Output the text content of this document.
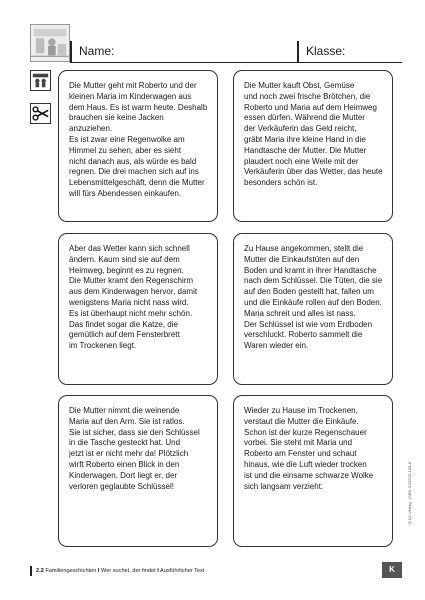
Name:	Klasse:
Die Mutter geht mit Roberto und der
kleinen Maria im Kinderwagen aus
dem Haus. Es ist warm heute. Deshalb
brauchen sie keine Jacken anzuziehen.
Es ist zwar eine Regenwolke am
Himmel zu sehen, aber es sieht
nicht danach aus, als würde es bald
regnen. Die drei machen sich auf ins
Lebensmittelgeschäft, denn die Mutter
will fürs Abendessen einkaufen.
Die Mutter kauft Obst, Gemüse
und noch zwei frische Brötchen, die
Roberto und Maria auf dem Heimweg
essen dürfen. Während die Mutter
der Verkäuferin das Geld reicht,
gräbt Maria ihre kleine Hand in die
Handtasche der Mutter. Die Mutter
plaudert noch eine Weile mit der
Verkäuferin über das Wetter, das heute
besonders schön ist.
Aber das Wetter kann sich schnell
ändern. Kaum sind sie auf dem
Heimweg, beginnt es zu regnen.
Die Mutter kramt den Regenschirm
aus dem Kinderwagen hervor, damit
wenigstens Maria nicht nass wird.
Es ist überhaupt nicht mehr schön.
Das findet sogar die Katze, die
gemütlich auf dem Fensterbrett
im Trockenen liegt.
Zu Hause angekommen, stellt die
Mutter die Einkaufstüten auf den
Boden und kramt in ihrer Handtasche
nach dem Schlüssel. Die Tüten, die sie
auf den Boden gestellt hat, fallen um
und die Einkäufe rollen auf den Boden.
Maria schreit und alles ist nass.
Der Schlüssel ist wie vom Erdboden
verschluckt. Roberto sammelt die
Waren wieder ein.
Die Mutter nimmt die weinende
Maria auf den Arm. Sie ist ratlos.
Sie ist sicher, dass sie den Schlüssel
in die Tasche gesteckt hat. Und
jetzt ist er nicht mehr da! Plötzlich
wirft Roberto einen Blick in den
Kinderwagen. Dort liegt er, der
verloren geglaubte Schlüssel!
Wieder zu Hause im Trockenen,
verstaut die Mutter die Einkäufe.
Schon ist der kurze Regenschauer
vorbei. Sie steht mit Maria und
Roberto am Fenster und schaut
hinaus, wie die Luft wieder trocken
ist und die einsame schwarze Wolke
sich langsam verzieht.
2.2 Familiengeschichten I Wer suchet, der findet I Ausführlicher Text	K
© K1-Verlag · ISBN 3-03722-154-8
